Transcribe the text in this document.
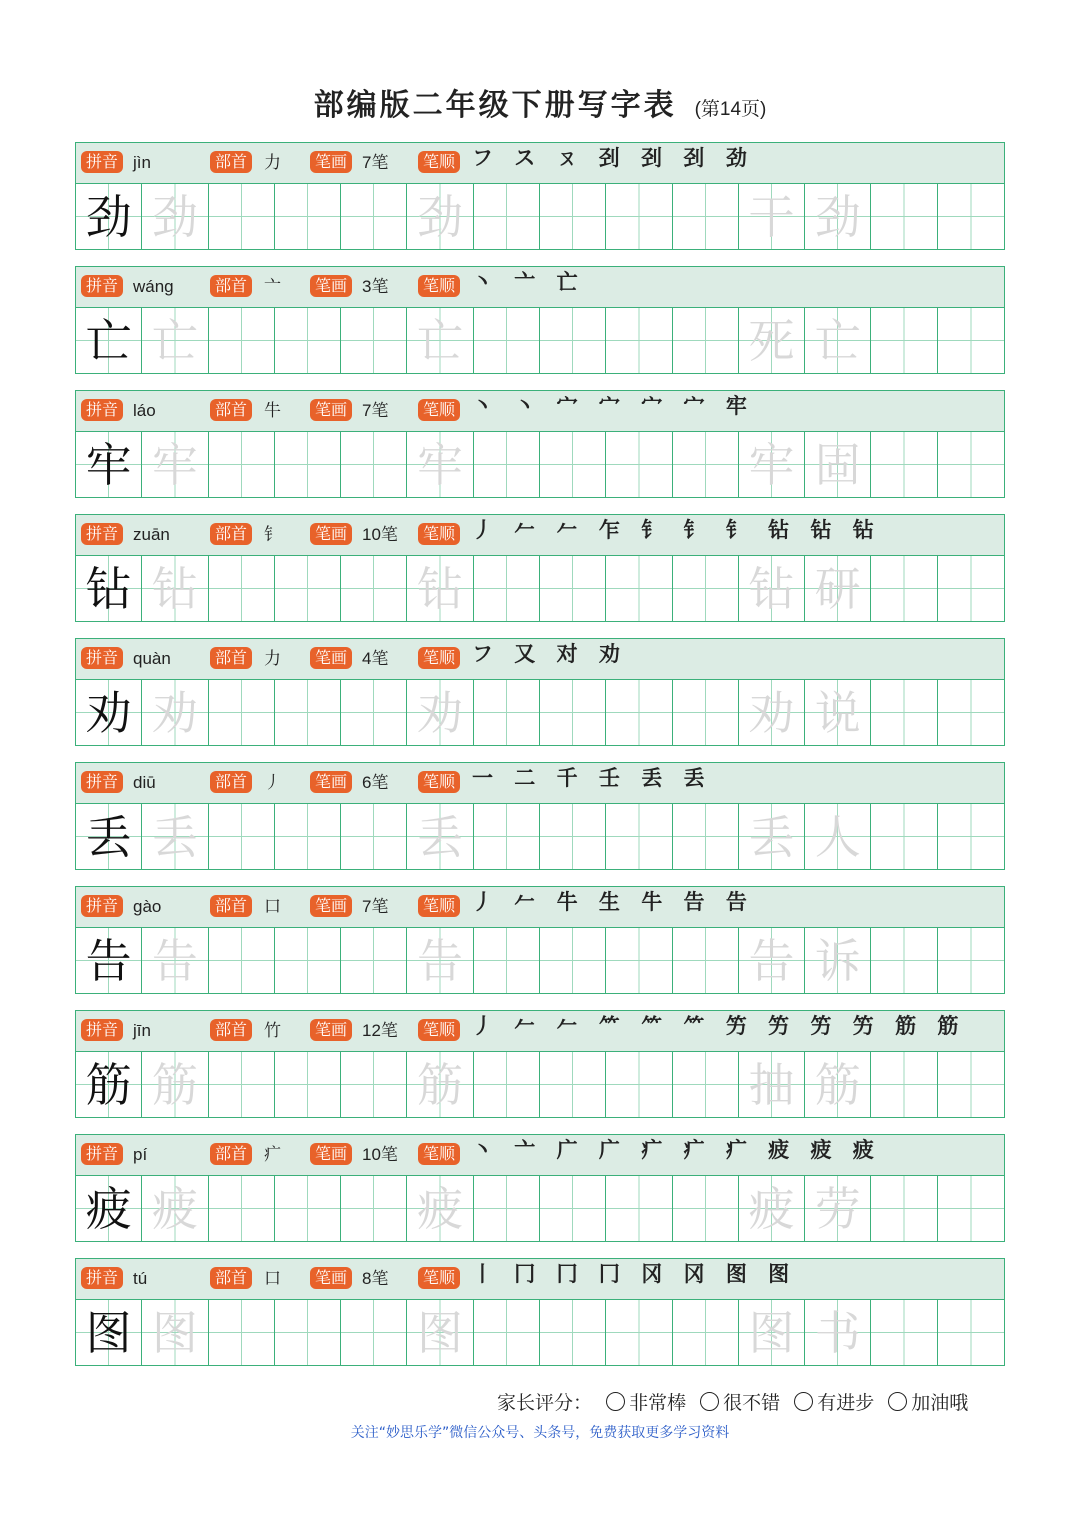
部编版二年级下册写字表 (第14页)
拼音 jìn	部首 力	笔画 7笔	笔顺 フ ス ㄡ 刭 刭 刭 劲
劲 劲	劲	干 劲
拼音 wáng	部首 亠	笔画 3笔	笔顺 丶 亠 亡
亡 亡	亡	死 亡
拼音 láo	部首 牛	笔画 7笔	笔顺 丶 丶 宀 宀 宀 宀 牢
牢 牢	牢	牢 固
拼音 zuān	部首 钅	笔画 10笔	笔顺 丿 𠂉 𠂉 乍 钅 钅 钅 钻 钻 钻
钻 钻	钻	钻 研
拼音 quàn	部首 力	笔画 4笔	笔顺 フ 又 对 劝
劝 劝	劝	劝 说
拼音 diū	部首 丿	笔画 6笔	笔顺 一 二 千 壬 丢 丢
丢 丢	丢	丢 人
拼音 gào	部首 口	笔画 7笔	笔顺 丿 𠂉 牛 生 牛 告 告
告 告	告	告 诉
拼音 jīn	部首 竹	笔画 12笔	笔顺 丿 𠂉 𠂉 ⺮ ⺮ ⺮ 竻 竻 竻 竻 筋 筋
筋 筋	筋	抽 筋
拼音 pí	部首 疒	笔画 10笔	笔顺 丶 亠 广 广 疒 疒 疒 疲 疲 疲
疲 疲	疲	疲 劳
拼音 tú	部首 口	笔画 8笔	笔顺 丨 冂 冂 冂 冈 冈 图 图
图 图	图	图 书
家长评分： 非常棒 很不错 有进步 加油哦
关注“妙思乐学”微信公众号、头条号，免费获取更多学习资料
